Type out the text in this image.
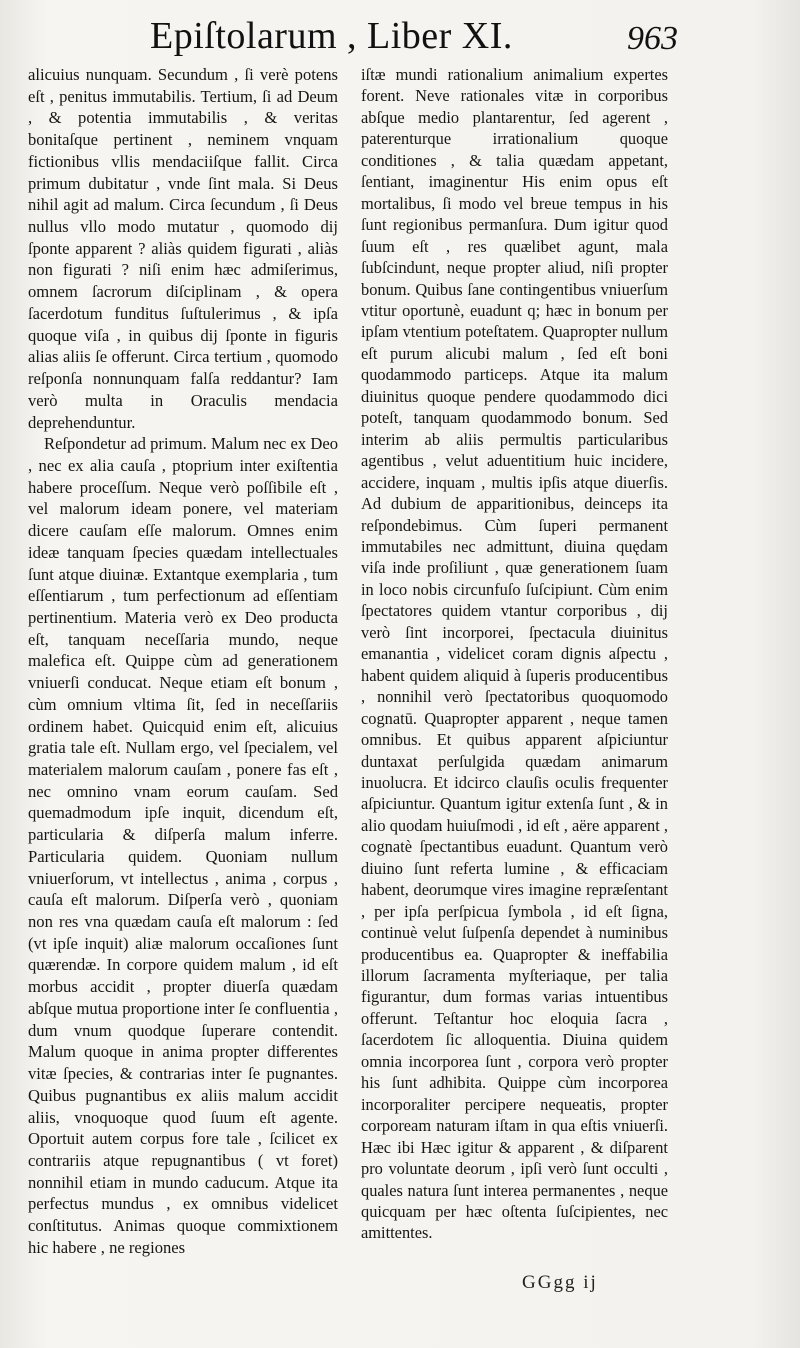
Epiſtolarum , Liber XI.	963

alicuius nunquam. Secundum , ſi verè potens eſt , penitus immutabilis. Tertium, ſi ad Deum , & potentia immutabilis , & veritas bonitaſque pertinent , neminem vnquam fictionibus vllis mendaciiſque fallit. Circa primum dubitatur , vnde ſint mala. Si Deus nihil agit ad malum. Circa ſecundum , ſi Deus nullus vllo modo mutatur , quomodo dij ſponte apparent ? aliàs quidem figurati , aliàs non figurati ? niſi enim hæc admiſerimus, omnem ſacrorum diſciplinam , & opera ſacerdotum funditus ſuſtulerimus , & ipſa quoque viſa , in quibus dij ſponte in figuris alias aliis ſe offerunt. Circa tertium , quomodo reſponſa nonnunquam falſa reddantur? Iam verò multa in Oraculis mendacia deprehenduntur.

Reſpondetur ad primum. Malum nec ex Deo , nec ex alia cauſa , ptoprium inter exiſtentia habere proceſſum. Neque verò poſſibile eſt , vel malorum ideam ponere, vel materiam dicere cauſam eſſe malorum. Omnes enim ideæ tanquam ſpecies quædam intellectuales ſunt atque diuinæ. Extantque exemplaria , tum eſſentiarum , tum perfectionum ad eſſentiam pertinentium. Materia verò ex Deo producta eſt, tanquam neceſſaria mundo, neque malefica eſt. Quippe cùm ad generationem vniuerſi conducat. Neque etiam eſt bonum , cùm omnium vltima ſit, ſed in neceſſariis ordinem habet. Quicquid enim eſt, alicuius gratia tale eſt. Nullam ergo, vel ſpecialem, vel materialem malorum cauſam , ponere fas eſt , nec omnino vnam eorum cauſam. Sed quemadmodum ipſe inquit, dicendum eſt, particularia & diſperſa malum inferre. Particularia quidem. Quoniam nullum vniuerſorum, vt intellectus , anima , corpus , cauſa eſt malorum. Diſperſa verò , quoniam non res vna quædam cauſa eſt malorum : ſed (vt ipſe inquit) aliæ malorum occaſiones ſunt quærendæ. In corpore quidem malum , id eſt morbus accidit , propter diuerſa quædam abſque mutua proportione inter ſe confluentia , dum vnum quodque ſuperare contendit. Malum quoque in anima propter differentes vitæ ſpecies, & contrarias inter ſe pugnantes. Quibus pugnantibus ex aliis malum accidit aliis, vnoquoque quod ſuum eſt agente. Oportuit autem corpus fore tale , ſcilicet ex contrariis atque repugnantibus ( vt foret) nonnihil etiam in mundo caducum. Atque ita perfectus mundus , ex omnibus videlicet conſtitutus. Animas quoque commixtionem hic habere , ne regiones

iſtæ mundi rationalium animalium expertes forent. Neve rationales vitæ in corporibus abſque medio plantarentur, ſed agerent , paterenturque irrationalium quoque conditiones , & talia quædam appetant, ſentiant, imaginentur His enim opus eſt mortalibus, ſi modo vel breue tempus in his ſunt regionibus permanſura. Dum igitur quod ſuum eſt , res quælibet agunt, mala ſubſcindunt, neque propter aliud, niſi propter bonum. Quibus ſane contingentibus vniuerſum vtitur oportunè, euadunt q; hæc in bonum per ipſam vtentium poteſtatem. Quapropter nullum eſt purum alicubi malum , ſed eſt boni quodammodo particeps. Atque ita malum diuinitus quoque pendere quodammodo dici poteſt, tanquam quodammodo bonum. Sed interim ab aliis permultis particularibus agentibus , velut aduentitium huic incidere, accidere, inquam , multis ipſis atque diuerſis. Ad dubium de apparitionibus, deinceps ita reſpondebimus. Cùm ſuperi permanent immutabiles nec admittunt, diuina quędam viſa inde proſiliunt , quæ generationem ſuam in loco nobis circunfuſo ſuſcipiunt. Cùm enim ſpectatores quidem vtantur corporibus , dij verò ſint incorporei, ſpectacula diuinitus emanantia , videlicet coram dignis aſpectu , habent quidem aliquid à ſuperis producentibus , nonnihil verò ſpectatoribus quoquomodo cognatū. Quapropter apparent , neque tamen omnibus. Et quibus apparent aſpiciuntur duntaxat perſulgida quædam animarum inuolucra. Et idcirco clauſis oculis frequenter aſpiciuntur. Quantum igitur extenſa ſunt , & in alio quodam huiuſmodi , id eſt , aëre apparent , cognatè ſpectantibus euadunt. Quantum verò diuino ſunt referta lumine , & efficaciam habent, deorumque vires imagine repræſentant , per ipſa perſpicua ſymbola , id eſt ſigna, continuè velut ſuſpenſa dependet à numinibus producentibus ea. Quapropter & ineffabilia illorum ſacramenta myſteriaque, per talia figurantur, dum formas varias intuentibus offerunt. Teſtantur hoc eloquia ſacra , ſacerdotem ſic alloquentia. Diuina quidem omnia incorporea ſunt , corpora verò propter his ſunt adhibita. Quippe cùm incorporea incorporaliter percipere nequeatis, propter corpoream naturam iſtam in qua eſtis vniuerſi. Hæc ibi Hæc igitur & apparent , & diſparent pro voluntate deorum , ipſi verò ſunt occulti , quales natura ſunt interea permanentes , neque quicquam per hæc oſtenta ſuſcipientes, nec amittentes.

GGgg ij
